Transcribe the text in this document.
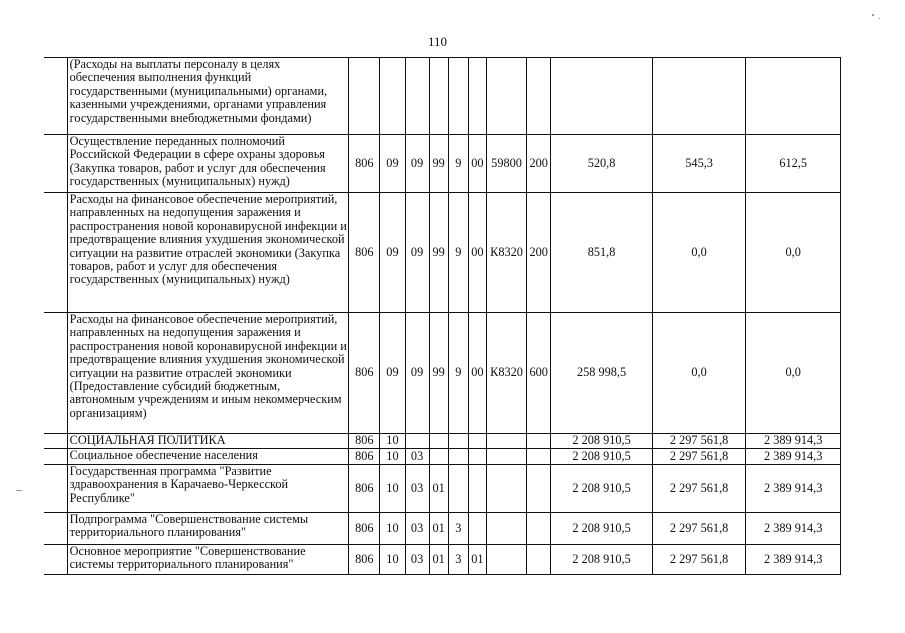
110
	(Расходы на выплаты персоналу в целях обеспечения выполнения функций государственными (муниципальными) органами, казенными учреждениями, органами управления государственными внебюджетными фондами)											
	Осуществление переданных полномочий Российской Федерации в сфере охраны здоровья (Закупка товаров, работ и услуг для обеспечения государственных (муниципальных) нужд)	806	09	09	99	9	00	59800	200	520,8	545,3	612,5
	Расходы на финансовое обеспечение мероприятий, направленных на недопущения заражения и распространения новой коронавирусной инфекции и предотвращение влияния ухудшения экономической ситуации на развитие отраслей экономики (Закупка товаров, работ и услуг для обеспечения государственных (муниципальных) нужд)	806	09	09	99	9	00	К8320	200	851,8	0,0	0,0
	Расходы на финансовое обеспечение мероприятий, направленных на недопущения заражения и распространения новой коронавирусной инфекции и предотвращение влияния ухудшения экономической ситуации на развитие отраслей экономики (Предоставление субсидий бюджетным, автономным учреждениям и иным некоммерческим организациям)	806	09	09	99	9	00	К8320	600	258 998,5	0,0	0,0
	СОЦИАЛЬНАЯ ПОЛИТИКА	806	10							2 208 910,5	2 297 561,8	2 389 914,3
	Социальное обеспечение населения	806	10	03						2 208 910,5	2 297 561,8	2 389 914,3
	Государственная программа "Развитие здравоохранения в Карачаево-Черкесской Республике"	806	10	03	01					2 208 910,5	2 297 561,8	2 389 914,3
	Подпрограмма "Совершенствование системы территориального планирования"	806	10	03	01	3				2 208 910,5	2 297 561,8	2 389 914,3
	Основное мероприятие "Совершенствование системы территориального планирования"	806	10	03	01	3	01			2 208 910,5	2 297 561,8	2 389 914,3
